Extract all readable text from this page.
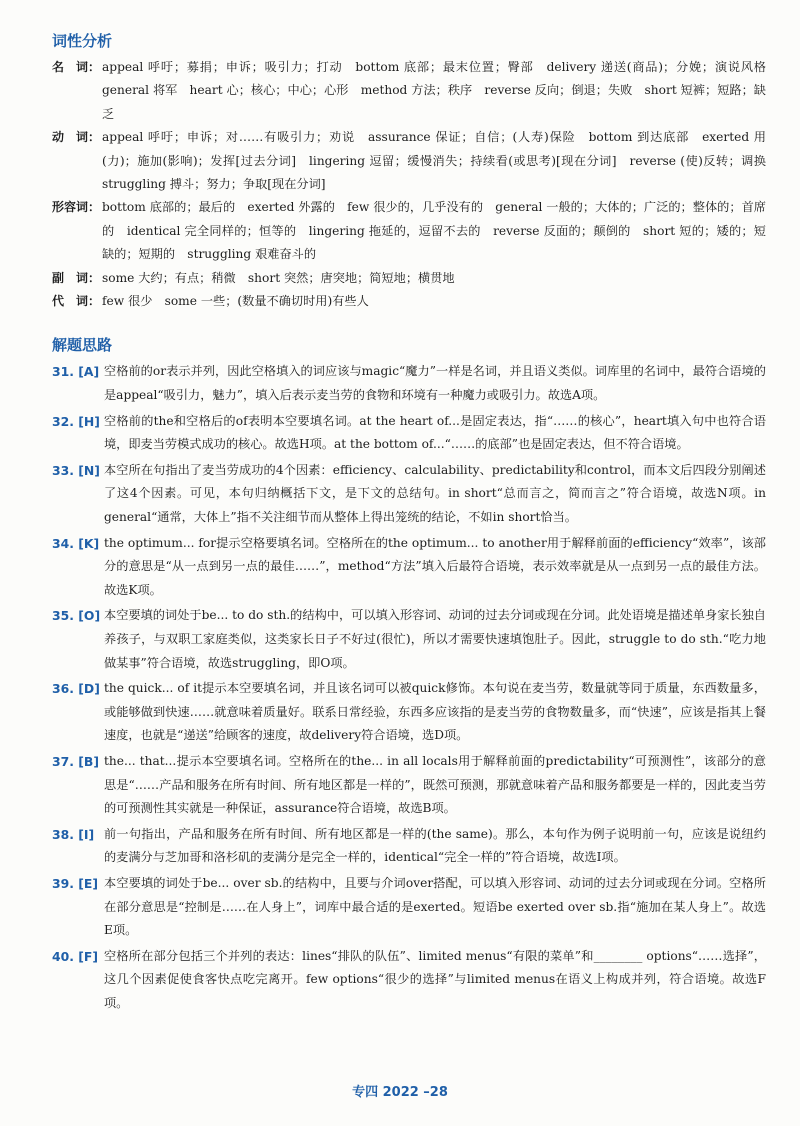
词性分析
名　词： appeal 呼吁；募捐；申诉；吸引力；打动　bottom 底部；最末位置；臀部　delivery 递送(商品)；分娩；演说风格　general 将军　heart 心；核心；中心；心形　method 方法；秩序　reverse 反向；倒退；失败　short 短裤；短路；缺乏
动　词： appeal 呼吁；申诉；对……有吸引力；劝说　assurance 保证；自信；(人寿)保险　bottom 到达底部　exerted 用(力)；施加(影响)；发挥[过去分词]　lingering 逗留；缓慢消失；持续看(或思考)[现在分词]　reverse (使)反转；调换　struggling 搏斗；努力；争取[现在分词]
形容词： bottom 底部的；最后的　exerted 外露的　few 很少的，几乎没有的　general 一般的；大体的；广泛的；整体的；首席的　identical 完全同样的；恒等的　lingering 拖延的，逗留不去的　reverse 反面的；颠倒的　short 短的；矮的；短缺的；短期的　struggling 艰难奋斗的
副　词： some 大约；有点；稍微　short 突然；唐突地；简短地；横贯地
代　词： few 很少　some 一些；(数量不确切时用)有些人
解题思路
31. [A] 空格前的or表示并列，因此空格填入的词应该与magic“魔力”一样是名词，并且语义类似。词库里的名词中，最符合语境的是appeal“吸引力，魅力”，填入后表示麦当劳的食物和环境有一种魔力或吸引力。故选A项。
32. [H] 空格前的the和空格后的of表明本空要填名词。at the heart of...是固定表达，指“……的核心”，heart填入句中也符合语境，即麦当劳模式成功的核心。故选H项。at the bottom of...“……的底部”也是固定表达，但不符合语境。
33. [N] 本空所在句指出了麦当劳成功的4个因素：efficiency、calculability、predictability和control，而本文后四段分别阐述了这4个因素。可见，本句归纳概括下文，是下文的总结句。in short“总而言之，简而言之”符合语境，故选N项。in general“通常，大体上”指不关注细节而从整体上得出笼统的结论，不如in short恰当。
34. [K] the optimum... for提示空格要填名词。空格所在的the optimum... to another用于解释前面的efficiency“效率”，该部分的意思是“从一点到另一点的最佳……”，method“方法”填入后最符合语境，表示效率就是从一点到另一点的最佳方法。故选K项。
35. [O] 本空要填的词处于be... to do sth.的结构中，可以填入形容词、动词的过去分词或现在分词。此处语境是描述单身家长独自养孩子，与双职工家庭类似，这类家长日子不好过(很忙)，所以才需要快速填饱肚子。因此，struggle to do sth.“吃力地做某事”符合语境，故选struggling，即O项。
36. [D] the quick... of it提示本空要填名词，并且该名词可以被quick修饰。本句说在麦当劳，数量就等同于质量，东西数量多，或能够做到快速……就意味着质量好。联系日常经验，东西多应该指的是麦当劳的食物数量多，而“快速”，应该是指其上餐速度，也就是“递送”给顾客的速度，故delivery符合语境，选D项。
37. [B] the... that...提示本空要填名词。空格所在的the... in all locals用于解释前面的predictability“可预测性”，该部分的意思是“……产品和服务在所有时间、所有地区都是一样的”，既然可预测，那就意味着产品和服务都要是一样的，因此麦当劳的可预测性其实就是一种保证，assurance符合语境，故选B项。
38. [I] 前一句指出，产品和服务在所有时间、所有地区都是一样的(the same)。那么，本句作为例子说明前一句，应该是说纽约的麦满分与芝加哥和洛杉矶的麦满分是完全一样的，identical“完全一样的”符合语境，故选I项。
39. [E] 本空要填的词处于be... over sb.的结构中，且要与介词over搭配，可以填入形容词、动词的过去分词或现在分词。空格所在部分意思是“控制是……在人身上”，词库中最合适的是exerted。短语be exerted over sb.指“施加在某人身上”。故选E项。
40. [F] 空格所在部分包括三个并列的表达：lines“排队的队伍”、limited menus“有限的菜单”和________ options“……选择”，这几个因素促使食客快点吃完离开。few options“很少的选择”与limited menus在语义上构成并列，符合语境。故选F项。
专四 2022 –28
